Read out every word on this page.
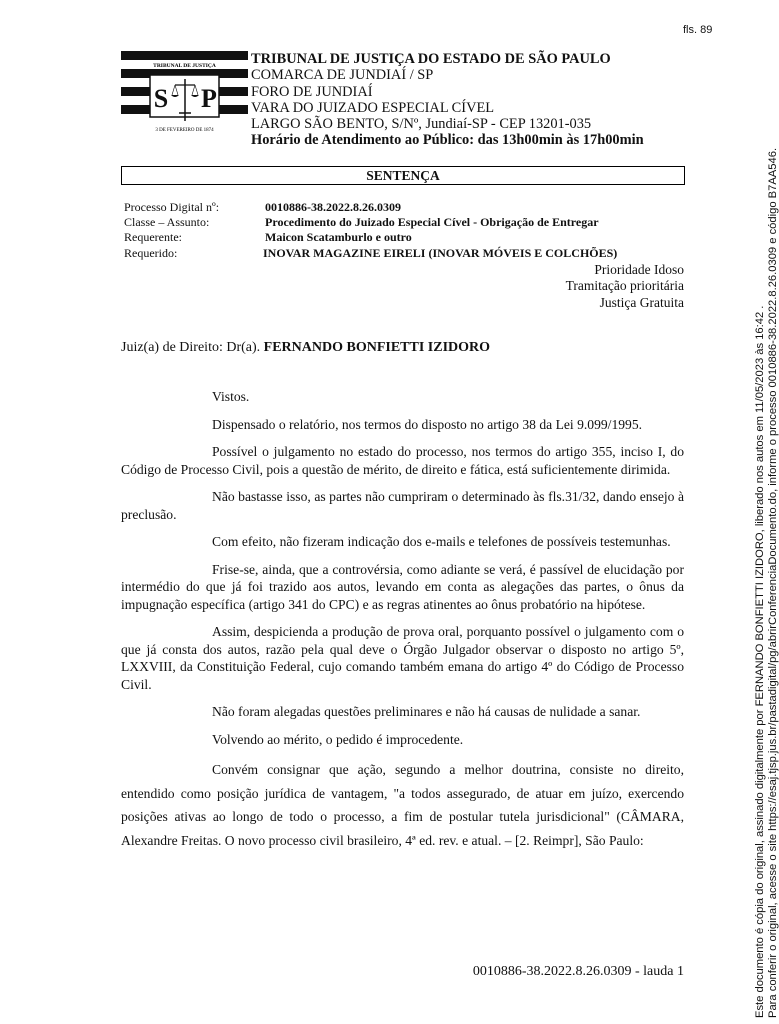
fls. 89
TRIBUNAL DE JUSTIÇA
S P
3 DE FEVEREIRO DE 1874
TRIBUNAL DE JUSTIÇA DO ESTADO DE SÃO PAULO
COMARCA DE JUNDIAÍ / SP
FORO DE JUNDIAÍ
VARA DO JUIZADO ESPECIAL CÍVEL
LARGO SÃO BENTO, S/Nº, Jundiaí-SP - CEP 13201-035
Horário de Atendimento ao Público: das 13h00min às 17h00min
SENTENÇA
Processo Digital nº:	0010886-38.2022.8.26.0309
Classe – Assunto:	Procedimento do Juizado Especial Cível - Obrigação de Entregar
Requerente:	Maicon Scatamburlo e outro
Requerido:	INOVAR MAGAZINE EIRELI (INOVAR MÓVEIS E COLCHÕES)
Prioridade Idoso
Tramitação prioritária
Justiça Gratuita
Juiz(a) de Direito: Dr(a). FERNANDO BONFIETTI IZIDORO

Vistos.

Dispensado o relatório, nos termos do disposto no artigo 38 da Lei 9.099/1995.

Possível o julgamento no estado do processo, nos termos do artigo 355, inciso I, do Código de Processo Civil, pois a questão de mérito, de direito e fática, está suficientemente dirimida.

Não bastasse isso, as partes não cumpriram o determinado às fls.31/32, dando ensejo à preclusão.

Com efeito, não fizeram indicação dos e-mails e telefones de possíveis testemunhas.

Frise-se, ainda, que a controvérsia, como adiante se verá, é passível de elucidação por intermédio do que já foi trazido aos autos, levando em conta as alegações das partes, o ônus da impugnação específica (artigo 341 do CPC) e as regras atinentes ao ônus probatório na hipótese.

Assim, despicienda a produção de prova oral, porquanto possível o julgamento com o que já consta dos autos, razão pela qual deve o Órgão Julgador observar o disposto no artigo 5º, LXXVIII, da Constituição Federal, cujo comando também emana do artigo 4º do Código de Processo Civil.

Não foram alegadas questões preliminares e não há causas de nulidade a sanar.

Volvendo ao mérito, o pedido é improcedente.

Convém consignar que ação, segundo a melhor doutrina, consiste no direito, entendido como posição jurídica de vantagem, "a todos assegurado, de atuar em juízo, exercendo posições ativas ao longo de todo o processo, a fim de postular tutela jurisdicional" (CÂMARA, Alexandre Freitas. O novo processo civil brasileiro, 4ª ed. rev. e atual. – [2. Reimpr], São Paulo:

0010886-38.2022.8.26.0309 - lauda 1	Este documento é cópia do original, assinado digitalmente por FERNANDO BONFIETTI IZIDORO, liberado nos autos em 11/05/2023 às 16:42 . Para conferir o original, acesse o site https://esaj.tjsp.jus.br/pastadigital/pg/abrirConferenciaDocumento.do, informe o processo 0010886-38.2022.8.26.0309 e código B7AA546.
